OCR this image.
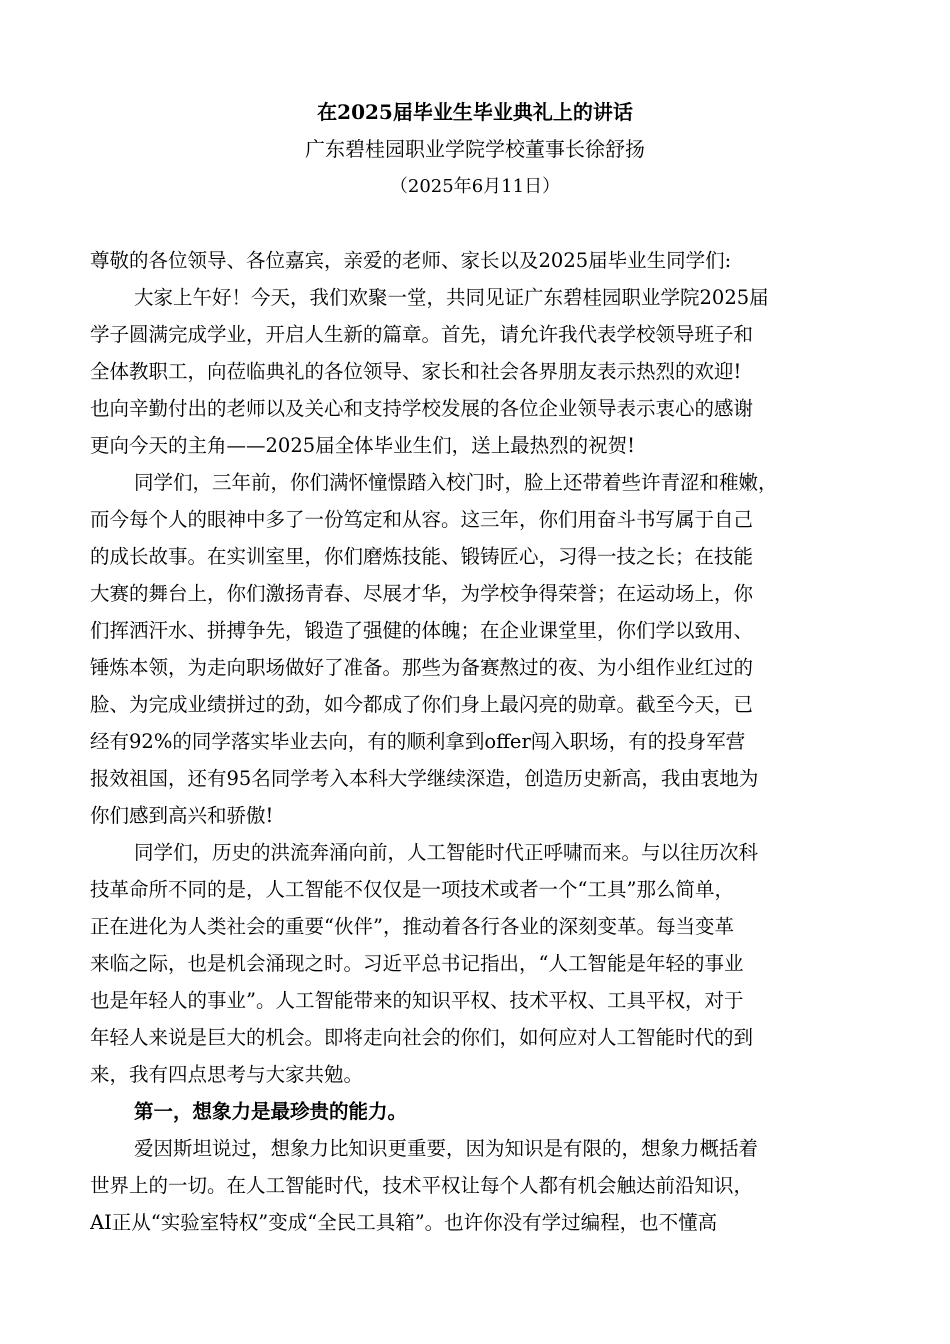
在2025届毕业生毕业典礼上的讲话
广东碧桂园职业学院学校董事长徐舒扬
（2025年6月11日）
尊敬的各位领导、各位嘉宾，亲爱的老师、家长以及2025届毕业生同学们:
大家上午好！今天，我们欢聚一堂，共同见证广东碧桂园职业学院2025届
学子圆满完成学业，开启人生新的篇章。首先，请允许我代表学校领导班子和
全体教职工，向莅临典礼的各位领导、家长和社会各界朋友表示热烈的欢迎!
也向辛勤付出的老师以及关心和支持学校发展的各位企业领导表示衷心的感谢
更向今天的主角——2025届全体毕业生们，送上最热烈的祝贺!
同学们，三年前，你们满怀憧憬踏入校门时，脸上还带着些许青涩和稚嫩，
而今每个人的眼神中多了一份笃定和从容。这三年，你们用奋斗书写属于自己
的成长故事。在实训室里，你们磨炼技能、锻铸匠心，习得一技之长；在技能
大赛的舞台上，你们激扬青春、尽展才华，为学校争得荣誉；在运动场上，你
们挥洒汗水、拼搏争先，锻造了强健的体魄；在企业课堂里，你们学以致用、
锤炼本领，为走向职场做好了准备。那些为备赛熬过的夜、为小组作业红过的
脸、为完成业绩拼过的劲，如今都成了你们身上最闪亮的勋章。截至今天，已
经有92%的同学落实毕业去向，有的顺利拿到offer闯入职场，有的投身军营
报效祖国，还有95名同学考入本科大学继续深造，创造历史新高，我由衷地为
你们感到高兴和骄傲!
同学们，历史的洪流奔涌向前，人工智能时代正呼啸而来。与以往历次科
技革命所不同的是，人工智能不仅仅是一项技术或者一个“工具”那么简单，
正在进化为人类社会的重要“伙伴”，推动着各行各业的深刻变革。每当变革
来临之际，也是机会涌现之时。习近平总书记指出，“人工智能是年轻的事业
也是年轻人的事业”。人工智能带来的知识平权、技术平权、工具平权，对于
年轻人来说是巨大的机会。即将走向社会的你们，如何应对人工智能时代的到
来，我有四点思考与大家共勉。
第一，想象力是最珍贵的能力。
爱因斯坦说过，想象力比知识更重要，因为知识是有限的，想象力概括着
世界上的一切。在人工智能时代，技术平权让每个人都有机会触达前沿知识，
AI正从“实验室特权”变成“全民工具箱”。也许你没有学过编程，也不懂高
